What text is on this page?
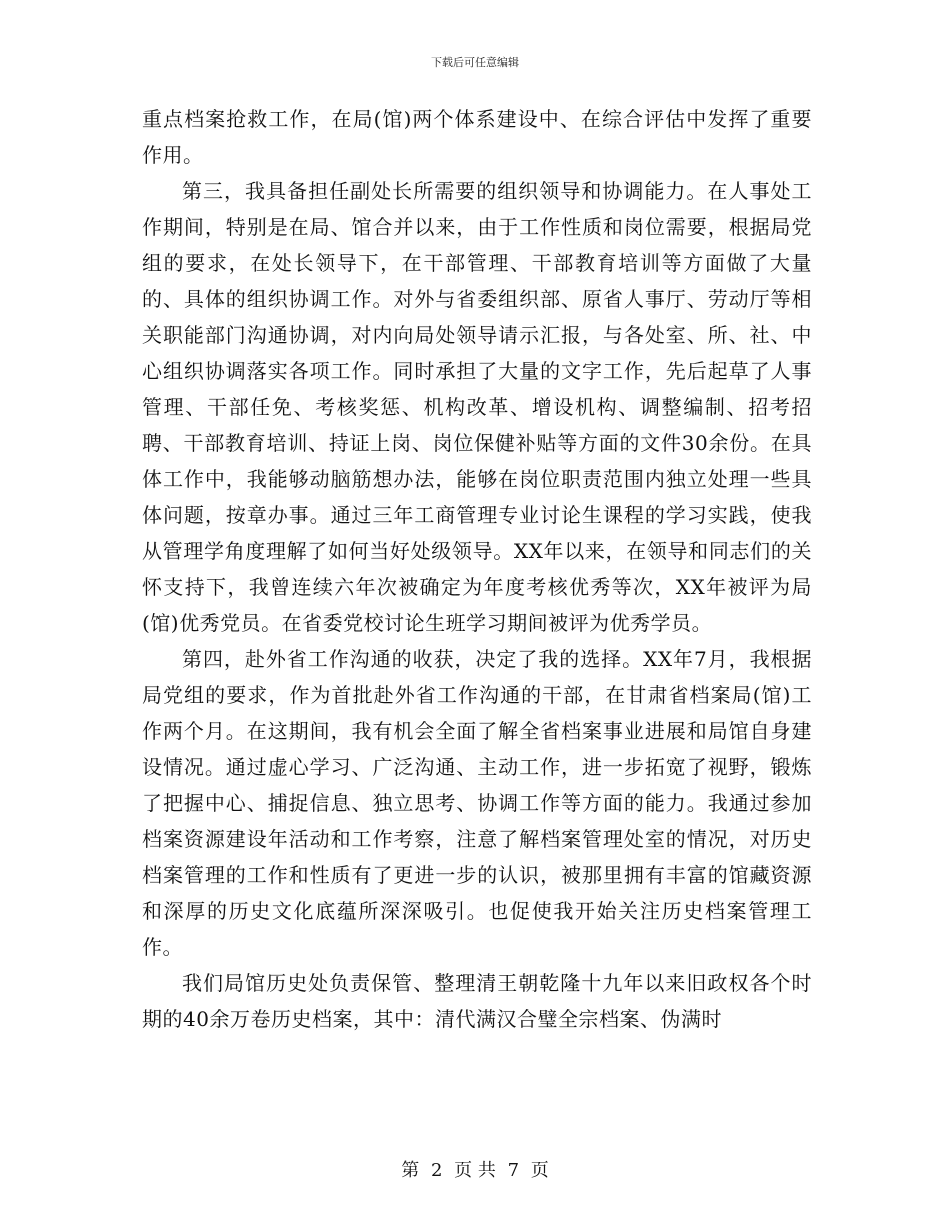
下载后可任意编辑

重点档案抢救工作，在局(馆)两个体系建设中、在综合评估中发挥了重要作用。

第三，我具备担任副处长所需要的组织领导和协调能力。在人事处工作期间，特别是在局、馆合并以来，由于工作性质和岗位需要，根据局党组的要求，在处长领导下，在干部管理、干部教育培训等方面做了大量的、具体的组织协调工作。对外与省委组织部、原省人事厅、劳动厅等相关职能部门沟通协调，对内向局处领导请示汇报，与各处室、所、社、中心组织协调落实各项工作。同时承担了大量的文字工作，先后起草了人事管理、干部任免、考核奖惩、机构改革、增设机构、调整编制、招考招聘、干部教育培训、持证上岗、岗位保健补贴等方面的文件30余份。在具体工作中，我能够动脑筋想办法，能够在岗位职责范围内独立处理一些具体问题，按章办事。通过三年工商管理专业讨论生课程的学习实践，使我从管理学角度理解了如何当好处级领导。XX年以来，在领导和同志们的关怀支持下，我曾连续六年次被确定为年度考核优秀等次，XX年被评为局(馆)优秀党员。在省委党校讨论生班学习期间被评为优秀学员。

第四，赴外省工作沟通的收获，决定了我的选择。XX年7月，我根据局党组的要求，作为首批赴外省工作沟通的干部，在甘肃省档案局(馆)工作两个月。在这期间，我有机会全面了解全省档案事业进展和局馆自身建设情况。通过虚心学习、广泛沟通、主动工作，进一步拓宽了视野，锻炼了把握中心、捕捉信息、独立思考、协调工作等方面的能力。我通过参加档案资源建设年活动和工作考察，注意了解档案管理处室的情况，对历史档案管理的工作和性质有了更进一步的认识，被那里拥有丰富的馆藏资源和深厚的历史文化底蕴所深深吸引。也促使我开始关注历史档案管理工作。

我们局馆历史处负责保管、整理清王朝乾隆十九年以来旧政权各个时期的40余万卷历史档案，其中：清代满汉合璧全宗档案、伪满时

第 2 页 共 7 页
